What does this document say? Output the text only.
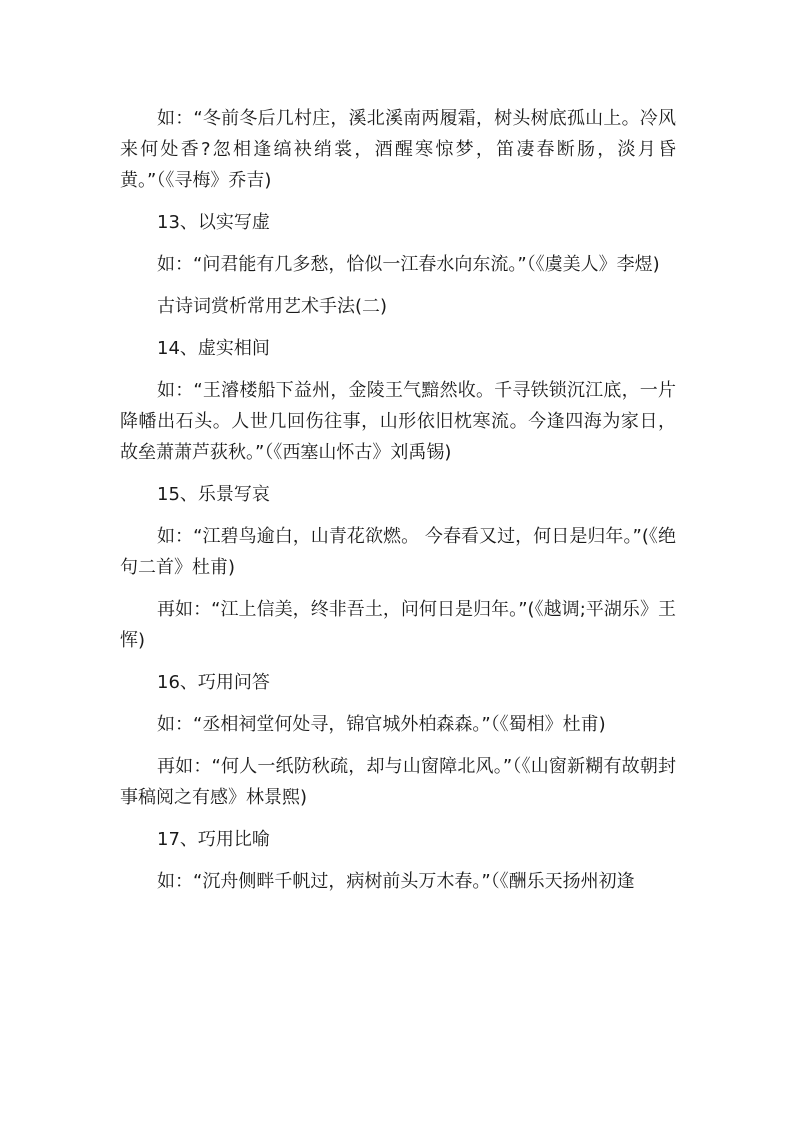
如：“冬前冬后几村庄，溪北溪南两履霜，树头树底孤山上。冷风来何处香?忽相逢缟袂绡裳，酒醒寒惊梦，笛凄春断肠，淡月昏黄。”（《寻梅》乔吉)

13、以实写虚

如：“问君能有几多愁，恰似一江春水向东流。”（《虞美人》李煜)

古诗词赏析常用艺术手法(二)

14、虚实相间

如：“王濬楼船下益州，金陵王气黯然收。千寻铁锁沉江底，一片降幡出石头。人世几回伤往事，山形依旧枕寒流。今逢四海为家日，故垒萧萧芦荻秋。”（《西塞山怀古》刘禹锡)

15、乐景写哀

如：“江碧鸟逾白，山青花欲燃。 今春看又过，何日是归年。”(《绝句二首》杜甫)

再如：“江上信美，终非吾土，问何日是归年。”(《越调;平湖乐》王恽)

16、巧用问答

如：“丞相祠堂何处寻，锦官城外柏森森。”（《蜀相》杜甫)

再如：“何人一纸防秋疏，却与山窗障北风。”（《山窗新糊有故朝封事稿阅之有感》林景熙)

17、巧用比喻

如：“沉舟侧畔千帆过，病树前头万木春。”（《酬乐天扬州初逢
